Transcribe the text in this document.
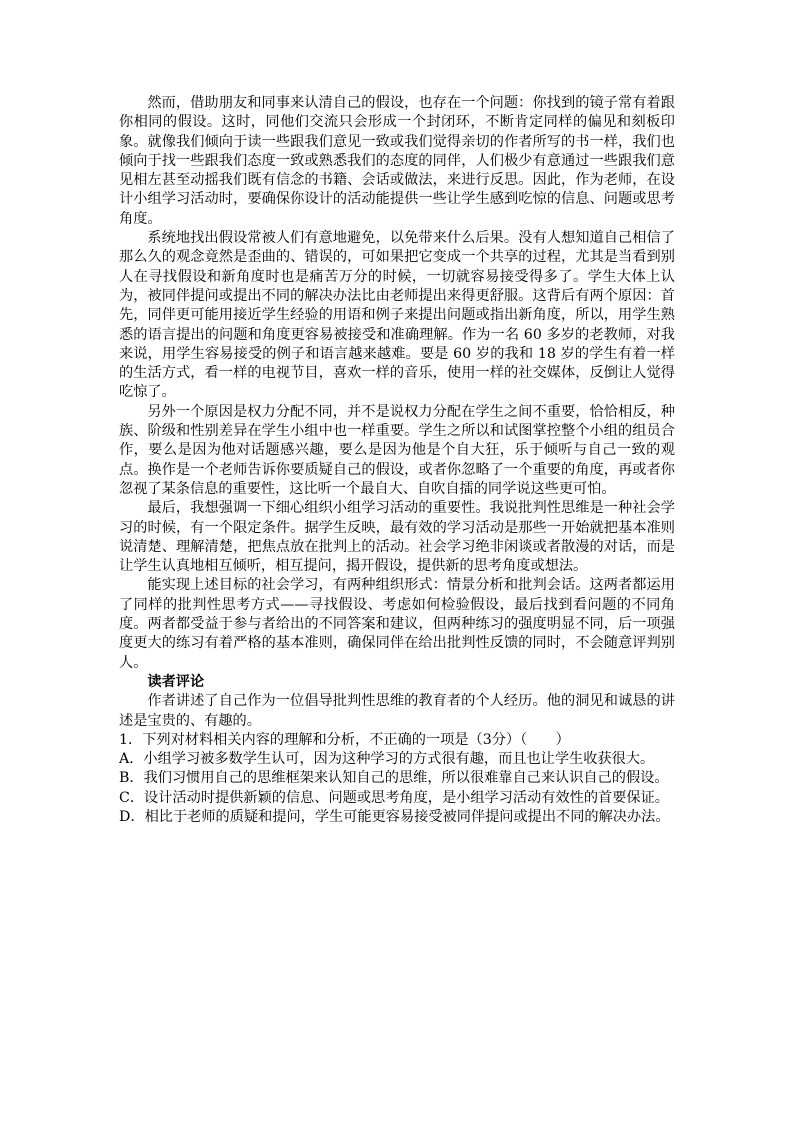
然而，借助朋友和同事来认清自己的假设，也存在一个问题：你找到的镜子常有着跟你相同的假设。这时，同他们交流只会形成一个封闭环，不断肯定同样的偏见和刻板印象。就像我们倾向于读一些跟我们意见一致或我们觉得亲切的作者所写的书一样，我们也倾向于找一些跟我们态度一致或熟悉我们的态度的同伴，人们极少有意通过一些跟我们意见相左甚至动摇我们既有信念的书籍、会话或做法，来进行反思。因此，作为老师，在设计小组学习活动时，要确保你设计的活动能提供一些让学生感到吃惊的信息、问题或思考角度。

系统地找出假设常被人们有意地避免，以免带来什么后果。没有人想知道自己相信了那么久的观念竟然是歪曲的、错误的，可如果把它变成一个共享的过程，尤其是当看到别人在寻找假设和新角度时也是痛苦万分的时候，一切就容易接受得多了。学生大体上认为，被同伴提问或提出不同的解决办法比由老师提出来得更舒服。这背后有两个原因：首先，同伴更可能用接近学生经验的用语和例子来提出问题或指出新角度，所以，用学生熟悉的语言提出的问题和角度更容易被接受和准确理解。作为一名 60 多岁的老教师，对我来说，用学生容易接受的例子和语言越来越难。要是 60 岁的我和 18 岁的学生有着一样的生活方式，看一样的电视节目，喜欢一样的音乐，使用一样的社交媒体，反倒让人觉得吃惊了。

另外一个原因是权力分配不同，并不是说权力分配在学生之间不重要，恰恰相反，种族、阶级和性别差异在学生小组中也一样重要。学生之所以和试图掌控整个小组的组员合作，要么是因为他对话题感兴趣，要么是因为他是个自大狂，乐于倾听与自己一致的观点。换作是一个老师告诉你要质疑自己的假设，或者你忽略了一个重要的角度，再或者你忽视了某条信息的重要性，这比听一个最自大、自吹自擂的同学说这些更可怕。

最后，我想强调一下细心组织小组学习活动的重要性。我说批判性思维是一种社会学习的时候，有一个限定条件。据学生反映，最有效的学习活动是那些一开始就把基本准则说清楚、理解清楚，把焦点放在批判上的活动。社会学习绝非闲谈或者散漫的对话，而是让学生认真地相互倾听，相互提问，揭开假设，提供新的思考角度或想法。

能实现上述目标的社会学习，有两种组织形式：情景分析和批判会话。这两者都运用了同样的批判性思考方式——寻找假设、考虑如何检验假设，最后找到看问题的不同角度。两者都受益于参与者给出的不同答案和建议，但两种练习的强度明显不同，后一项强度更大的练习有着严格的基本准则，确保同伴在给出批判性反馈的同时，不会随意评判别人。

读者评论

作者讲述了自己作为一位倡导批判性思维的教育者的个人经历。他的洞见和诚恳的讲述是宝贵的、有趣的。

1．下列对材料相关内容的理解和分析，不正确的一项是（3分）（　　）

A．小组学习被多数学生认可，因为这种学习的方式很有趣，而且也让学生收获很大。

B．我们习惯用自己的思维框架来认知自己的思维，所以很难靠自己来认识自己的假设。

C．设计活动时提供新颖的信息、问题或思考角度，是小组学习活动有效性的首要保证。

D．相比于老师的质疑和提问，学生可能更容易接受被同伴提问或提出不同的解决办法。
